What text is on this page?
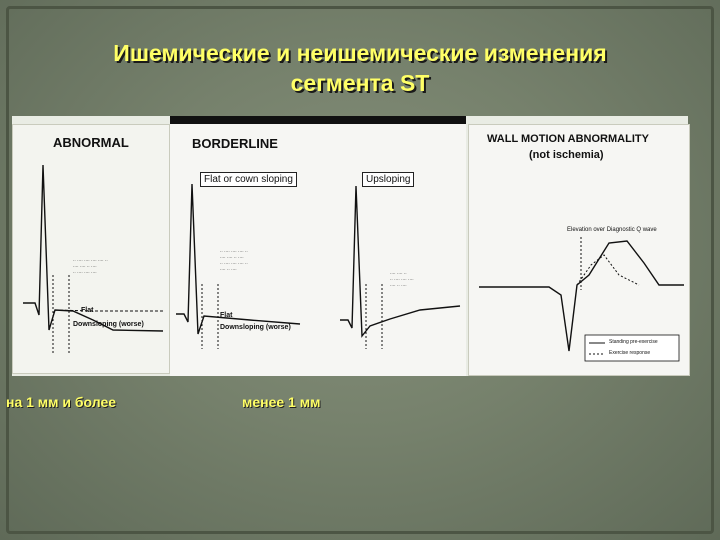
Ишемические и неишемические изменения
сегмента ST
ABNORMAL
.. .... .... .... .... ..
.... .... .. ....
.. .... .... ....
Flat
Downsloping (worse)
BORDERLINE
Flat or cown sloping	Upsloping
.. .... .... .... ..
.... .... .. ....
.. .... .... .... ..
.... .. ....
Flat
Downsloping (worse)
.... .... ..
.. .... .... ....
.... .. ....
WALL MOTION ABNORMALITY
(not ischemia)
Elevation over Diagnostic Q wave
Standing pre-exercise
Exercise response
на 1 мм и более	менее 1 мм
